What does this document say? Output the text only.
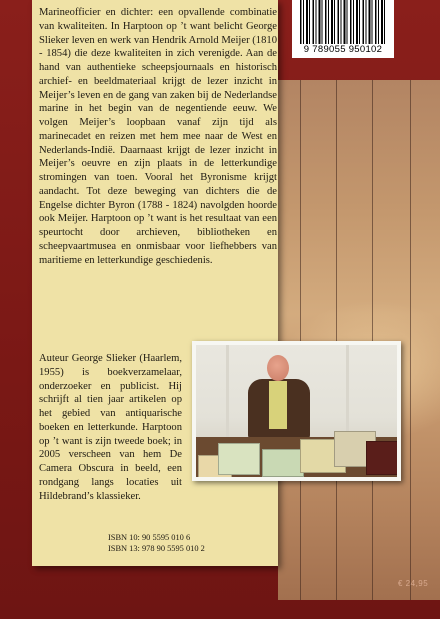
9 789055 950102

Marineofficier en dichter: een opvallende combinatie van kwaliteiten. In Harptoon op ’t want belicht George Slieker leven en werk van Hendrik Arnold Meijer (1810 - 1854) die deze kwaliteiten in zich verenigde. Aan de hand van authentieke scheepsjournaals en historisch archief- en beeldmateriaal krijgt de lezer inzicht in Meijer’s leven en de gang van zaken bij de Nederlandse marine in het begin van de negentiende eeuw. We volgen Meijer’s loopbaan vanaf zijn tijd als marinecadet en reizen met hem mee naar de West en Nederlands-Indië. Daarnaast krijgt de lezer inzicht in Meijer’s oeuvre en zijn plaats in de letterkundige stromingen van toen. Vooral het Byronisme krijgt aandacht. Tot deze beweging van dichters die de Engelse dichter Byron (1788 - 1824) navolgden hoorde ook Meijer. Harptoon op ’t want is het resultaat van een speurtocht door archieven, bibliotheken en scheepvaartmusea en onmisbaar voor liefhebbers van maritieme en letterkundige geschiedenis.

Auteur George Slieker (Haarlem, 1955) is boekverzamelaar, onderzoeker en publicist. Hij schrijft al tien jaar artikelen op het gebied van antiquarische boeken en letterkunde. Harptoon op ’t want is zijn tweede boek; in 2005 verscheen van hem De Camera Obscura in beeld, een rondgang langs locaties uit Hildebrand’s klassieker.

ISBN 10: 90 5595 010 6
ISBN 13: 978 90 5595 010 2
€ 24,95
